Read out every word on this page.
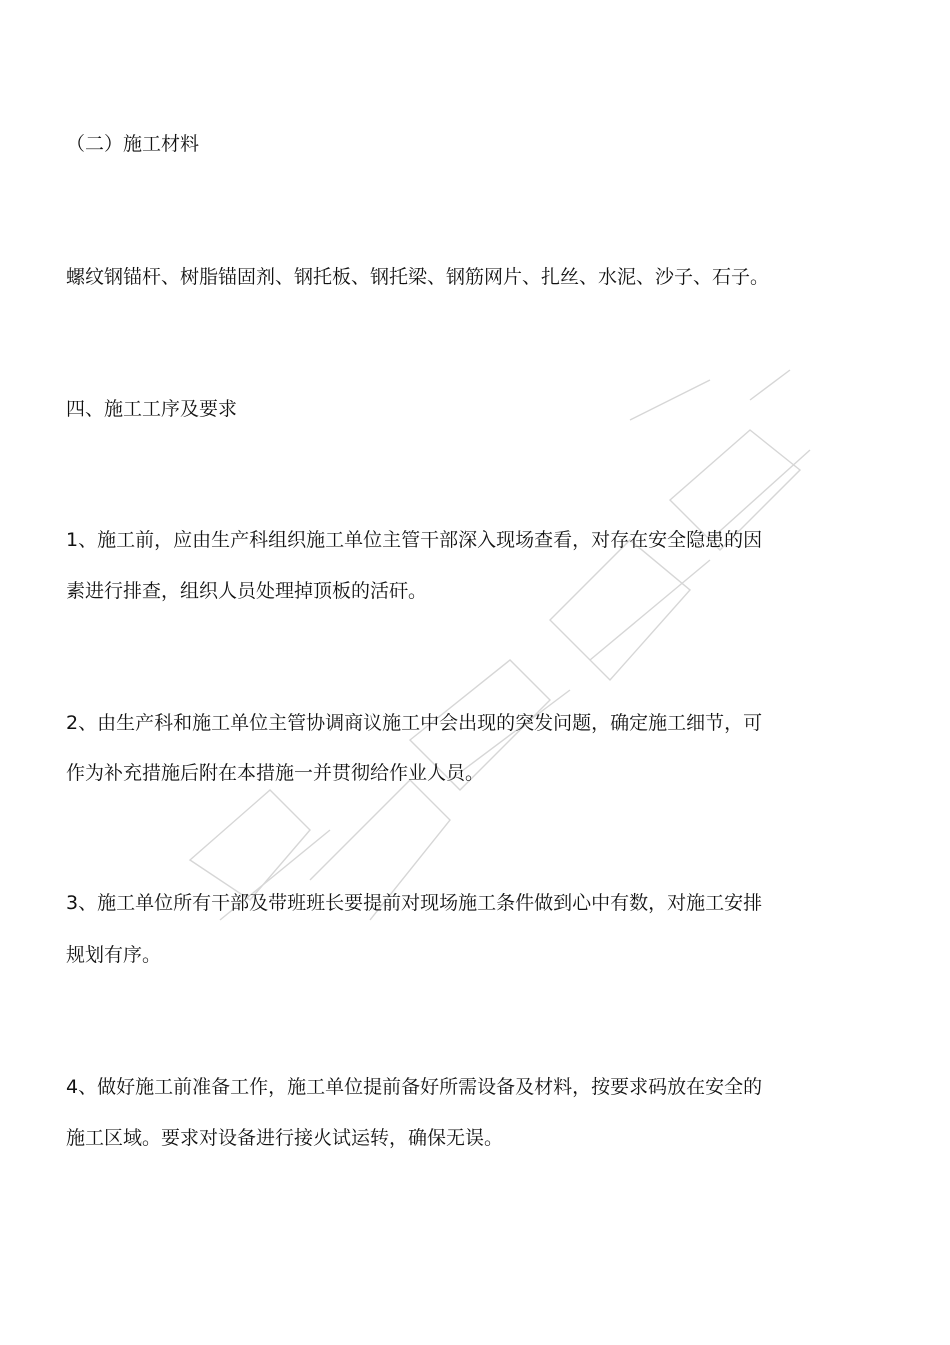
（二）施工材料
螺纹钢锚杆、树脂锚固剂、钢托板、钢托梁、钢筋网片、扎丝、水泥、沙子、石子。
四、施工工序及要求
1、施工前，应由生产科组织施工单位主管干部深入现场查看，对存在安全隐患的因
素进行排查，组织人员处理掉顶板的活矸。
2、由生产科和施工单位主管协调商议施工中会出现的突发问题，确定施工细节，可
作为补充措施后附在本措施一并贯彻给作业人员。
3、施工单位所有干部及带班班长要提前对现场施工条件做到心中有数，对施工安排
规划有序。
4、做好施工前准备工作，施工单位提前备好所需设备及材料，按要求码放在安全的
施工区域。要求对设备进行接火试运转，确保无误。
